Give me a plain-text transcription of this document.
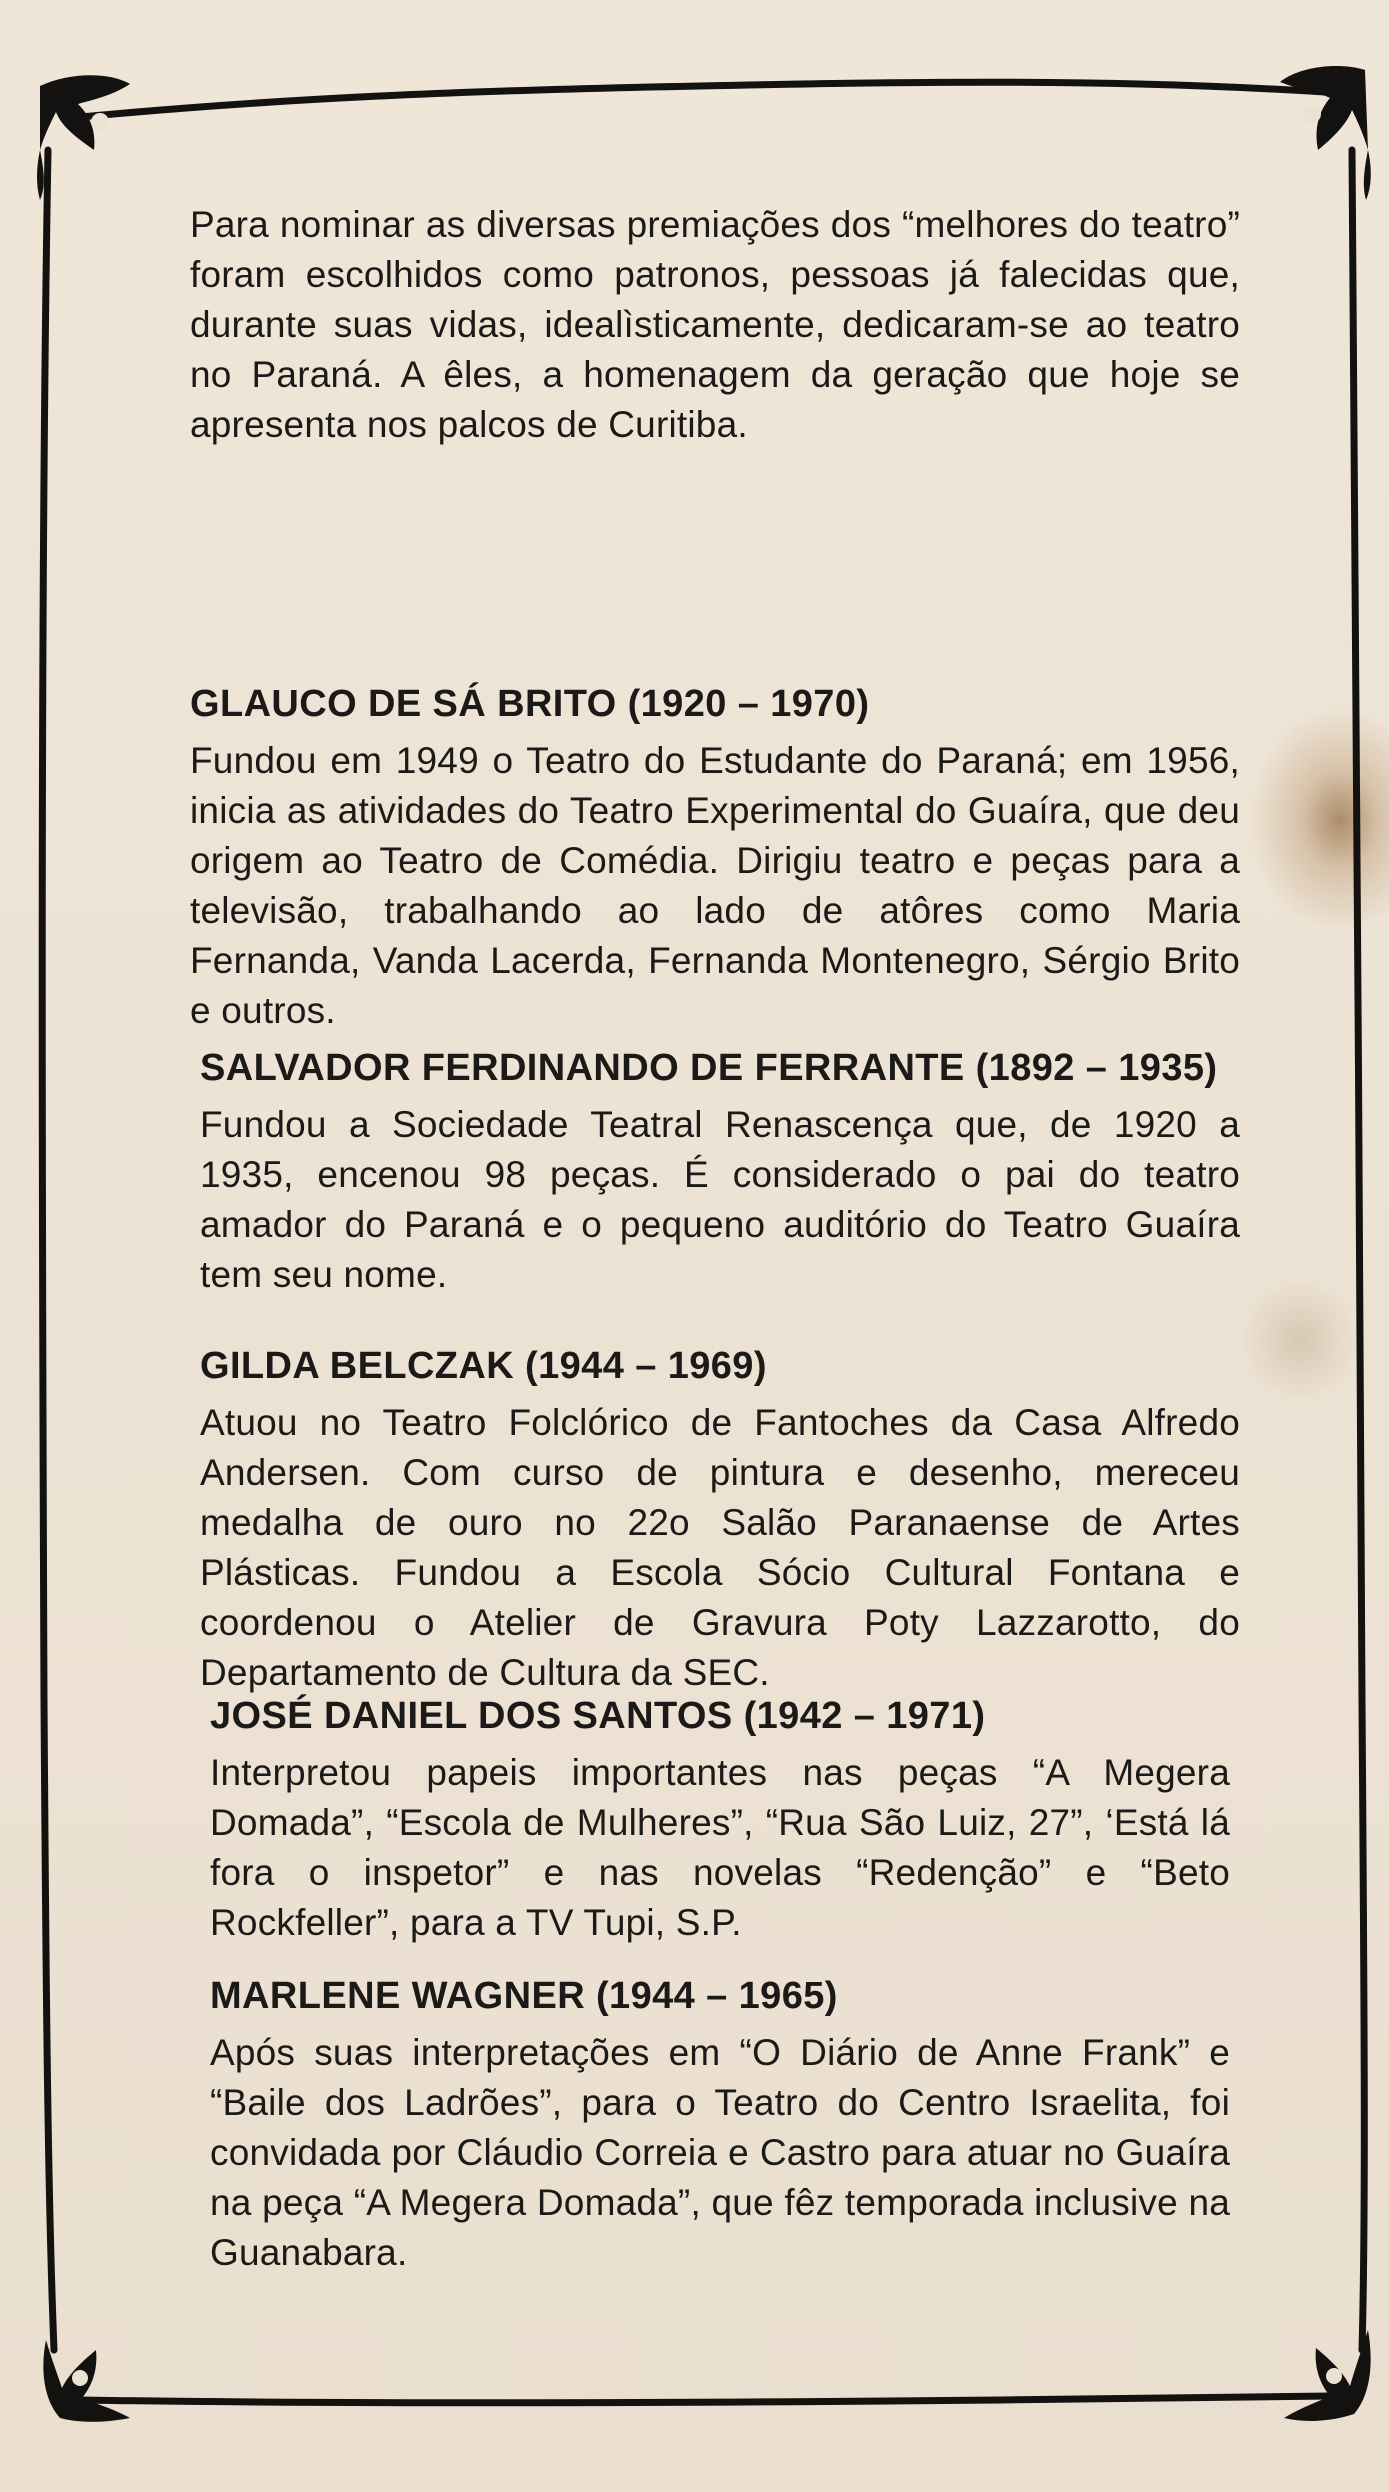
Para nominar as diversas premiações dos “melhores do teatro” foram escolhidos como patronos, pessoas já falecidas que, durante suas vidas, idealìsticamente, dedicaram-se ao teatro no Paraná. A êles, a homenagem da geração que hoje se apresenta nos palcos de Curitiba.

GLAUCO DE SÁ BRITO (1920 – 1970)

Fundou em 1949 o Teatro do Estudante do Paraná; em 1956, inicia as atividades do Teatro Experimental do Guaíra, que deu origem ao Teatro de Comédia. Dirigiu teatro e peças para a televisão, trabalhando ao lado de atôres como Maria Fernanda, Vanda Lacerda, Fernanda Montenegro, Sérgio Brito e outros.

SALVADOR FERDINANDO DE FERRANTE (1892 – 1935)

Fundou a Sociedade Teatral Renascença que, de 1920 a 1935, encenou 98 peças. É considerado o pai do teatro amador do Paraná e o pequeno auditório do Teatro Guaíra tem seu nome.

GILDA BELCZAK (1944 – 1969)

Atuou no Teatro Folclórico de Fantoches da Casa Alfredo Andersen. Com curso de pintura e desenho, mereceu medalha de ouro no 22o Salão Paranaense de Artes Plásticas. Fundou a Escola Sócio Cultural Fontana e coordenou o Atelier de Gravura Poty Lazzarotto, do Departamento de Cultura da SEC.

JOSÉ DANIEL DOS SANTOS (1942 – 1971)

Interpretou papeis importantes nas peças “A Megera Domada”, “Escola de Mulheres”, “Rua São Luiz, 27”, ‘Está lá fora o inspetor” e nas novelas “Redenção” e “Beto Rockfeller”, para a TV Tupi, S.P.

MARLENE WAGNER (1944 – 1965)

Após suas interpretações em “O Diário de Anne Frank” e “Baile dos Ladrões”, para o Teatro do Centro Israelita, foi convidada por Cláudio Correia e Castro para atuar no Guaíra na peça “A Megera Domada”, que fêz temporada inclusive na Guanabara.
